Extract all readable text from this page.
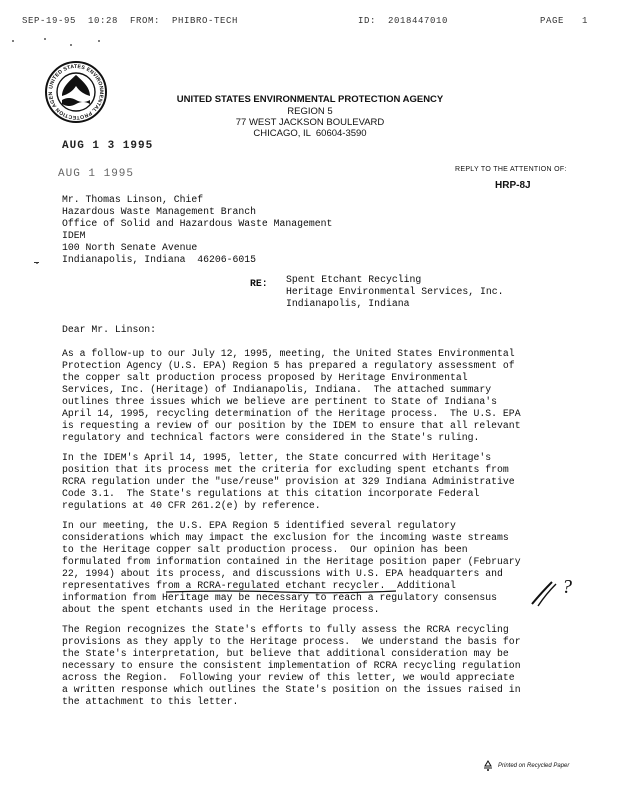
SEP-19-95  10:28  FROM:  PHIBRO-TECH	ID:  2018447010	PAGE   1
UNITED STATES ENVIRONMENTAL PROTECTION AGEN
UNITED STATES ENVIRONMENTAL PROTECTION AGENCY
REGION 5
77 WEST JACKSON BOULEVARD
CHICAGO, IL  60604-3590
AUG 1 3 1995
AUG 1 1995	REPLY TO THE ATTENTION OF:
HRP-8J
Mr. Thomas Linson, Chief
Hazardous Waste Management Branch
Office of Solid and Hazardous Waste Management
IDEM
100 North Senate Avenue
Indianapolis, Indiana  46206-6015
RE: Spent Etchant Recycling
Heritage Environmental Services, Inc.
Indianapolis, Indiana
Dear Mr. Linson:
As a follow-up to our July 12, 1995, meeting, the United States Environmental
Protection Agency (U.S. EPA) Region 5 has prepared a regulatory assessment of
the copper salt production process proposed by Heritage Environmental
Services, Inc. (Heritage) of Indianapolis, Indiana.  The attached summary
outlines three issues which we believe are pertinent to State of Indiana's
April 14, 1995, recycling determination of the Heritage process.  The U.S. EPA
is requesting a review of our position by the IDEM to ensure that all relevant
regulatory and technical factors were considered in the State's ruling.
In the IDEM's April 14, 1995, letter, the State concurred with Heritage's
position that its process met the criteria for excluding spent etchants from
RCRA regulation under the "use/reuse" provision at 329 Indiana Administrative
Code 3.1.  The State's regulations at this citation incorporate Federal
regulations at 40 CFR 261.2(e) by reference.
In our meeting, the U.S. EPA Region 5 identified several regulatory
considerations which may impact the exclusion for the incoming waste streams
to the Heritage copper salt production process.  Our opinion has been
formulated from information contained in the Heritage position paper (February
22, 1994) about its process, and discussions with U.S. EPA headquarters and
representatives from a RCRA-regulated etchant recycler.  Additional
information from Heritage may be necessary to reach a regulatory consensus
about the spent etchants used in the Heritage process.
?
The Region recognizes the State's efforts to fully assess the RCRA recycling
provisions as they apply to the Heritage process.  We understand the basis for
the State's interpretation, but believe that additional consideration may be
necessary to ensure the consistent implementation of RCRA recycling regulation
across the Region.  Following your review of this letter, we would appreciate
a written response which outlines the State's position on the issues raised in
the attachment to this letter.
Printed on Recycled Paper
